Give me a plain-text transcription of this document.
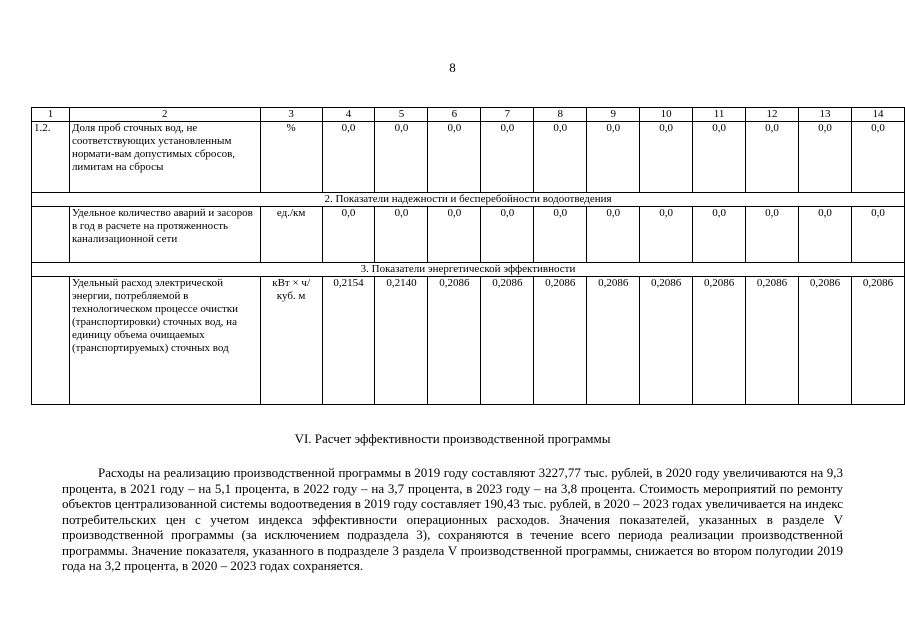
8
1	2	3	4	5	6	7	8	9	10	11	12	13	14
1.2.	Доля проб сточных вод, не соответствующих установленным нормати-вам допустимых сбросов, лимитам на сбросы	%	0,0	0,0	0,0	0,0	0,0	0,0	0,0	0,0	0,0	0,0	0,0
2. Показатели надежности и бесперебойности водоотведения													
	Удельное количество аварий и засоров в год в расчете на протяженность канализационной сети	ед./км	0,0	0,0	0,0	0,0	0,0	0,0	0,0	0,0	0,0	0,0	0,0
3. Показатели энергетической эффективности													
	Удельный расход электрической энергии, потребляемой в технологическом процессе очистки (транспортировки) сточных вод, на единицу объема очищаемых (транспортируемых) сточных вод	кВт × ч/ куб. м	0,2154	0,2140	0,2086	0,2086	0,2086	0,2086	0,2086	0,2086	0,2086	0,2086	0,2086
VI. Расчет эффективности производственной программы
Расходы на реализацию производственной программы в 2019 году составляют 3227,77 тыс. рублей, в 2020 году увеличиваются на 9,3 процента, в 2021 году – на 5,1 процента, в 2022 году – на 3,7 процента, в 2023 году – на 3,8 процента. Стоимость мероприятий по ремонту объектов централизованной системы водоотведения в 2019 году составляет 190,43 тыс. рублей, в 2020 – 2023 годах увеличивается на индекс потребительских цен с учетом индекса эффективности операционных расходов. Значения показателей, указанных в разделе V производственной программы (за исключением подраздела 3), сохраняются в течение всего периода реализации производственной программы. Значение показателя, указанного в подразделе 3 раздела V производственной программы, снижается во втором полугодии 2019 года на 3,2 процента, в 2020 – 2023 годах сохраняется.
